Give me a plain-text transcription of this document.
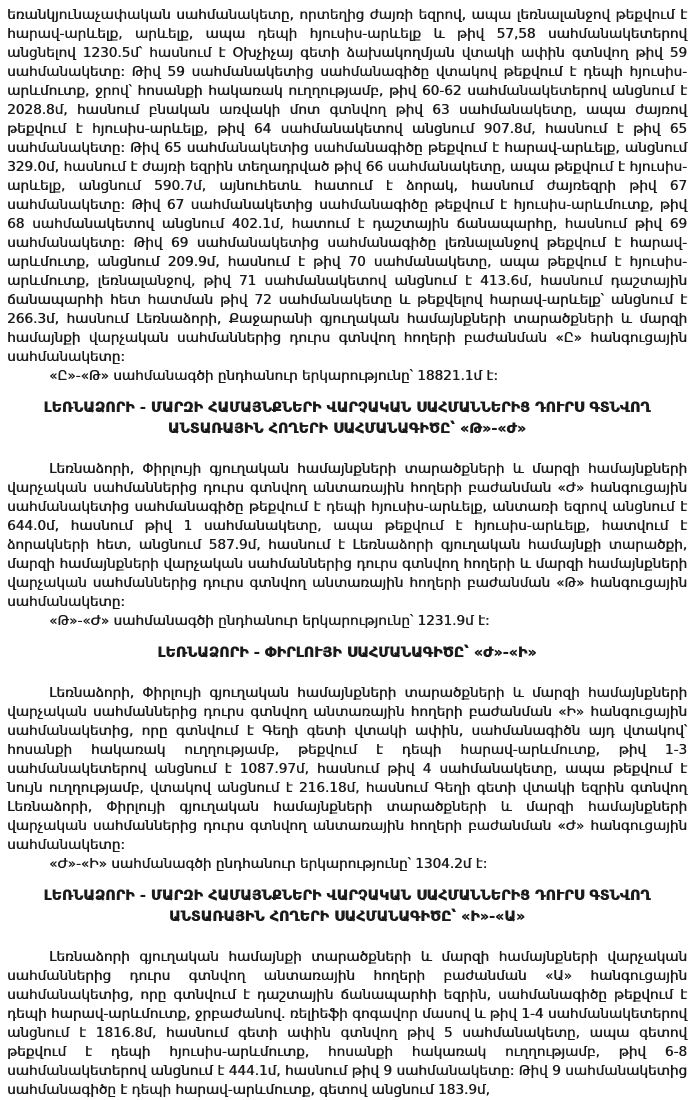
եռանկյունաչափական սահմանակետը, որտեղից ժայռի եզրով, ապա լեռնալանջով թեքվում է հարավ-արևելք, արևելք, ապա դեպի հյուսիս-արևելք և թիվ 57,58 սահմանակետերով անցնելով 1230.5մ՝ հասնում է Օխչիչայ գետի ձախակողմյան վտակի ափին գտնվող թիվ 59 սահմանակետը: Թիվ 59 սահմանակետից սահմանագիծը վտակով թեքվում է դեպի հյուսիս-արևմուտք, ջրով՝ հոսանքի հակառակ ուղղությամբ, թիվ 60-62 սահմանակետերով անցնում է 2028.8մ, հասնում բնական առվակի մոտ գտնվող թիվ 63 սահմանակետը, ապա ժայռով թեքվում է հյուսիս-արևելք, թիվ 64 սահմանակետով անցնում 907.8մ, հասնում է թիվ 65 սահմանակետը: Թիվ 65 սահմանակետից սահմանագիծը թեքվում է հարավ-արևելք, անցնում 329.0մ, հասնում է ժայռի եզրին տեղադրված թիվ 66 սահմանակետը, ապա թեքվում է հյուսիս-արևելք, անցնում 590.7մ, այնուհետև հատում է ձորակ, հասնում ժայռեզրի թիվ 67 սահմանակետը: Թիվ 67 սահմանակետից սահմանագիծը թեքվում է հյուսիս-արևմուտք, թիվ 68 սահմանակետով անցնում 402.1մ, հատում է դաշտային ճանապարհը, հասնում թիվ 69 սահմանակետը: Թիվ 69 սահմանակետից սահմանագիծը լեռնալանջով թեքվում է հարավ-արևմուտք, անցնում 209.9մ, հասնում է թիվ 70 սահմանակետը, ապա թեքվում է հյուսիս-արևմուտք, լեռնալանջով, թիվ 71 սահմանակետով անցնում է 413.6մ, հասնում դաշտային ճանապարհի հետ հատման թիվ 72 սահմանակետը և թեքվելով հարավ-արևելք՝ անցնում է 266.3մ, հասնում Լեռնաձորի, Քաջարանի գյուղական համայնքների տարածքների և մարզի համայնքի վարչական սահմաններից դուրս գտնվող հողերի բաժանման «Ը» հանգուցային սահմանակետը:

«Ը»-«Թ» սահմանագծի ընդհանուր երկարությունը՝ 18821.1մ է:

ԼԵՌՆԱՁՈՐԻ - ՄԱՐԶԻ ՀԱՄԱՅՆՔՆԵՐԻ ՎԱՐՉԱԿԱՆ ՍԱՀՄԱՆՆԵՐԻՑ ԴՈՒՐՍ ԳՏՆՎՈՂ ԱՆՏԱՌԱՅԻՆ ՀՈՂԵՐԻ ՍԱՀՄԱՆԱԳԻԾԸ՝ «Թ»-«Ժ»

Լեռնաձորի, Փիրլույի գյուղական համայնքների տարածքների և մարզի համայնքների վարչական սահմաններից դուրս գտնվող անտառային հողերի բաժանման «Ժ» հանգուցային սահմանակետից սահմանագիծը թեքվում է դեպի հյուսիս-արևելք, անտառի եզրով անցնում է 644.0մ, հասնում թիվ 1 սահմանակետը, ապա թեքվում է հյուսիս-արևելք, հատվում է ձորակների հետ, անցնում 587.9մ, հասնում է Լեռնաձորի գյուղական համայնքի տարածքի, մարզի համայնքների վարչական սահմաններից դուրս գտնվող հողերի և մարզի համայնքների վարչական սահմաններից դուրս գտնվող անտառային հողերի բաժանման «Թ» հանգուցային սահմանակետը:

«Թ»-«Ժ» սահմանագծի ընդհանուր երկարությունը՝ 1231.9մ է:

ԼԵՌՆԱՁՈՐԻ - ՓԻՐԼՈՒՅԻ ՍԱՀՄԱՆԱԳԻԾԸ՝ «Ժ»-«Ի»

Լեռնաձորի, Փիրլույի գյուղական համայնքների տարածքների և մարզի համայնքների վարչական սահմաններից դուրս գտնվող անտառային հողերի բաժանման «Ի» հանգուցային սահմանակետից, որը գտնվում է Գեղի գետի վտակի ափին, սահմանագիծն այդ վտակով՝ հոսանքի հակառակ ուղղությամբ, թեքվում է դեպի հարավ-արևմուտք, թիվ 1-3 սահմանակետերով անցնում է 1087.97մ, հասնում թիվ 4 սահմանակետը, ապա թեքվում է նույն ուղղությամբ, վտակով անցնում է 216.18մ, հասնում Գեղի գետի վտակի եզրին գտնվող Լեռնաձորի, Փիրլույի գյուղական համայնքների տարածքների և մարզի համայնքների վարչական սահմաններից դուրս գտնվող անտառային հողերի բաժանման «Ժ» հանգուցային սահմանակետը:

«Ժ»-«Ի» սահմանագծի ընդհանուր երկարությունը՝ 1304.2մ է:

ԼԵՌՆԱՁՈՐԻ - ՄԱՐԶԻ ՀԱՄԱՅՆՔՆԵՐԻ ՎԱՐՉԱԿԱՆ ՍԱՀՄԱՆՆԵՐԻՑ ԴՈՒՐՍ ԳՏՆՎՈՂ ԱՆՏԱՌԱՅԻՆ ՀՈՂԵՐԻ ՍԱՀՄԱՆԱԳԻԾԸ՝ «Ի»-«Ա»

Լեռնաձորի գյուղական համայնքի տարածքների և մարզի համայնքների վարչական սահմաններից դուրս գտնվող անտառային հողերի բաժանման «Ա» հանգուցային սահմանակետից, որը գտնվում է դաշտային ճանապարհի եզրին, սահմանագիծը թեքվում է դեպի հարավ-արևմուտք, ջրբաժանով. ռելիեֆի գոգավոր մասով և թիվ 1-4 սահմանակետերով անցնում է 1816.8մ, հասնում գետի ափին գտնվող թիվ 5 սահմանակետը, ապա գետով թեքվում է դեպի հյուսիս-արևմուտք, հոսանքի հակառակ ուղղությամբ, թիվ 6-8 սահմանակետերով անցնում է 444.1մ, հասնում թիվ 9 սահմանակետը: Թիվ 9 սահմանակետից սահմանագիծը է դեպի հարավ-արևմուտք, գետով անցնում 183.9մ,
